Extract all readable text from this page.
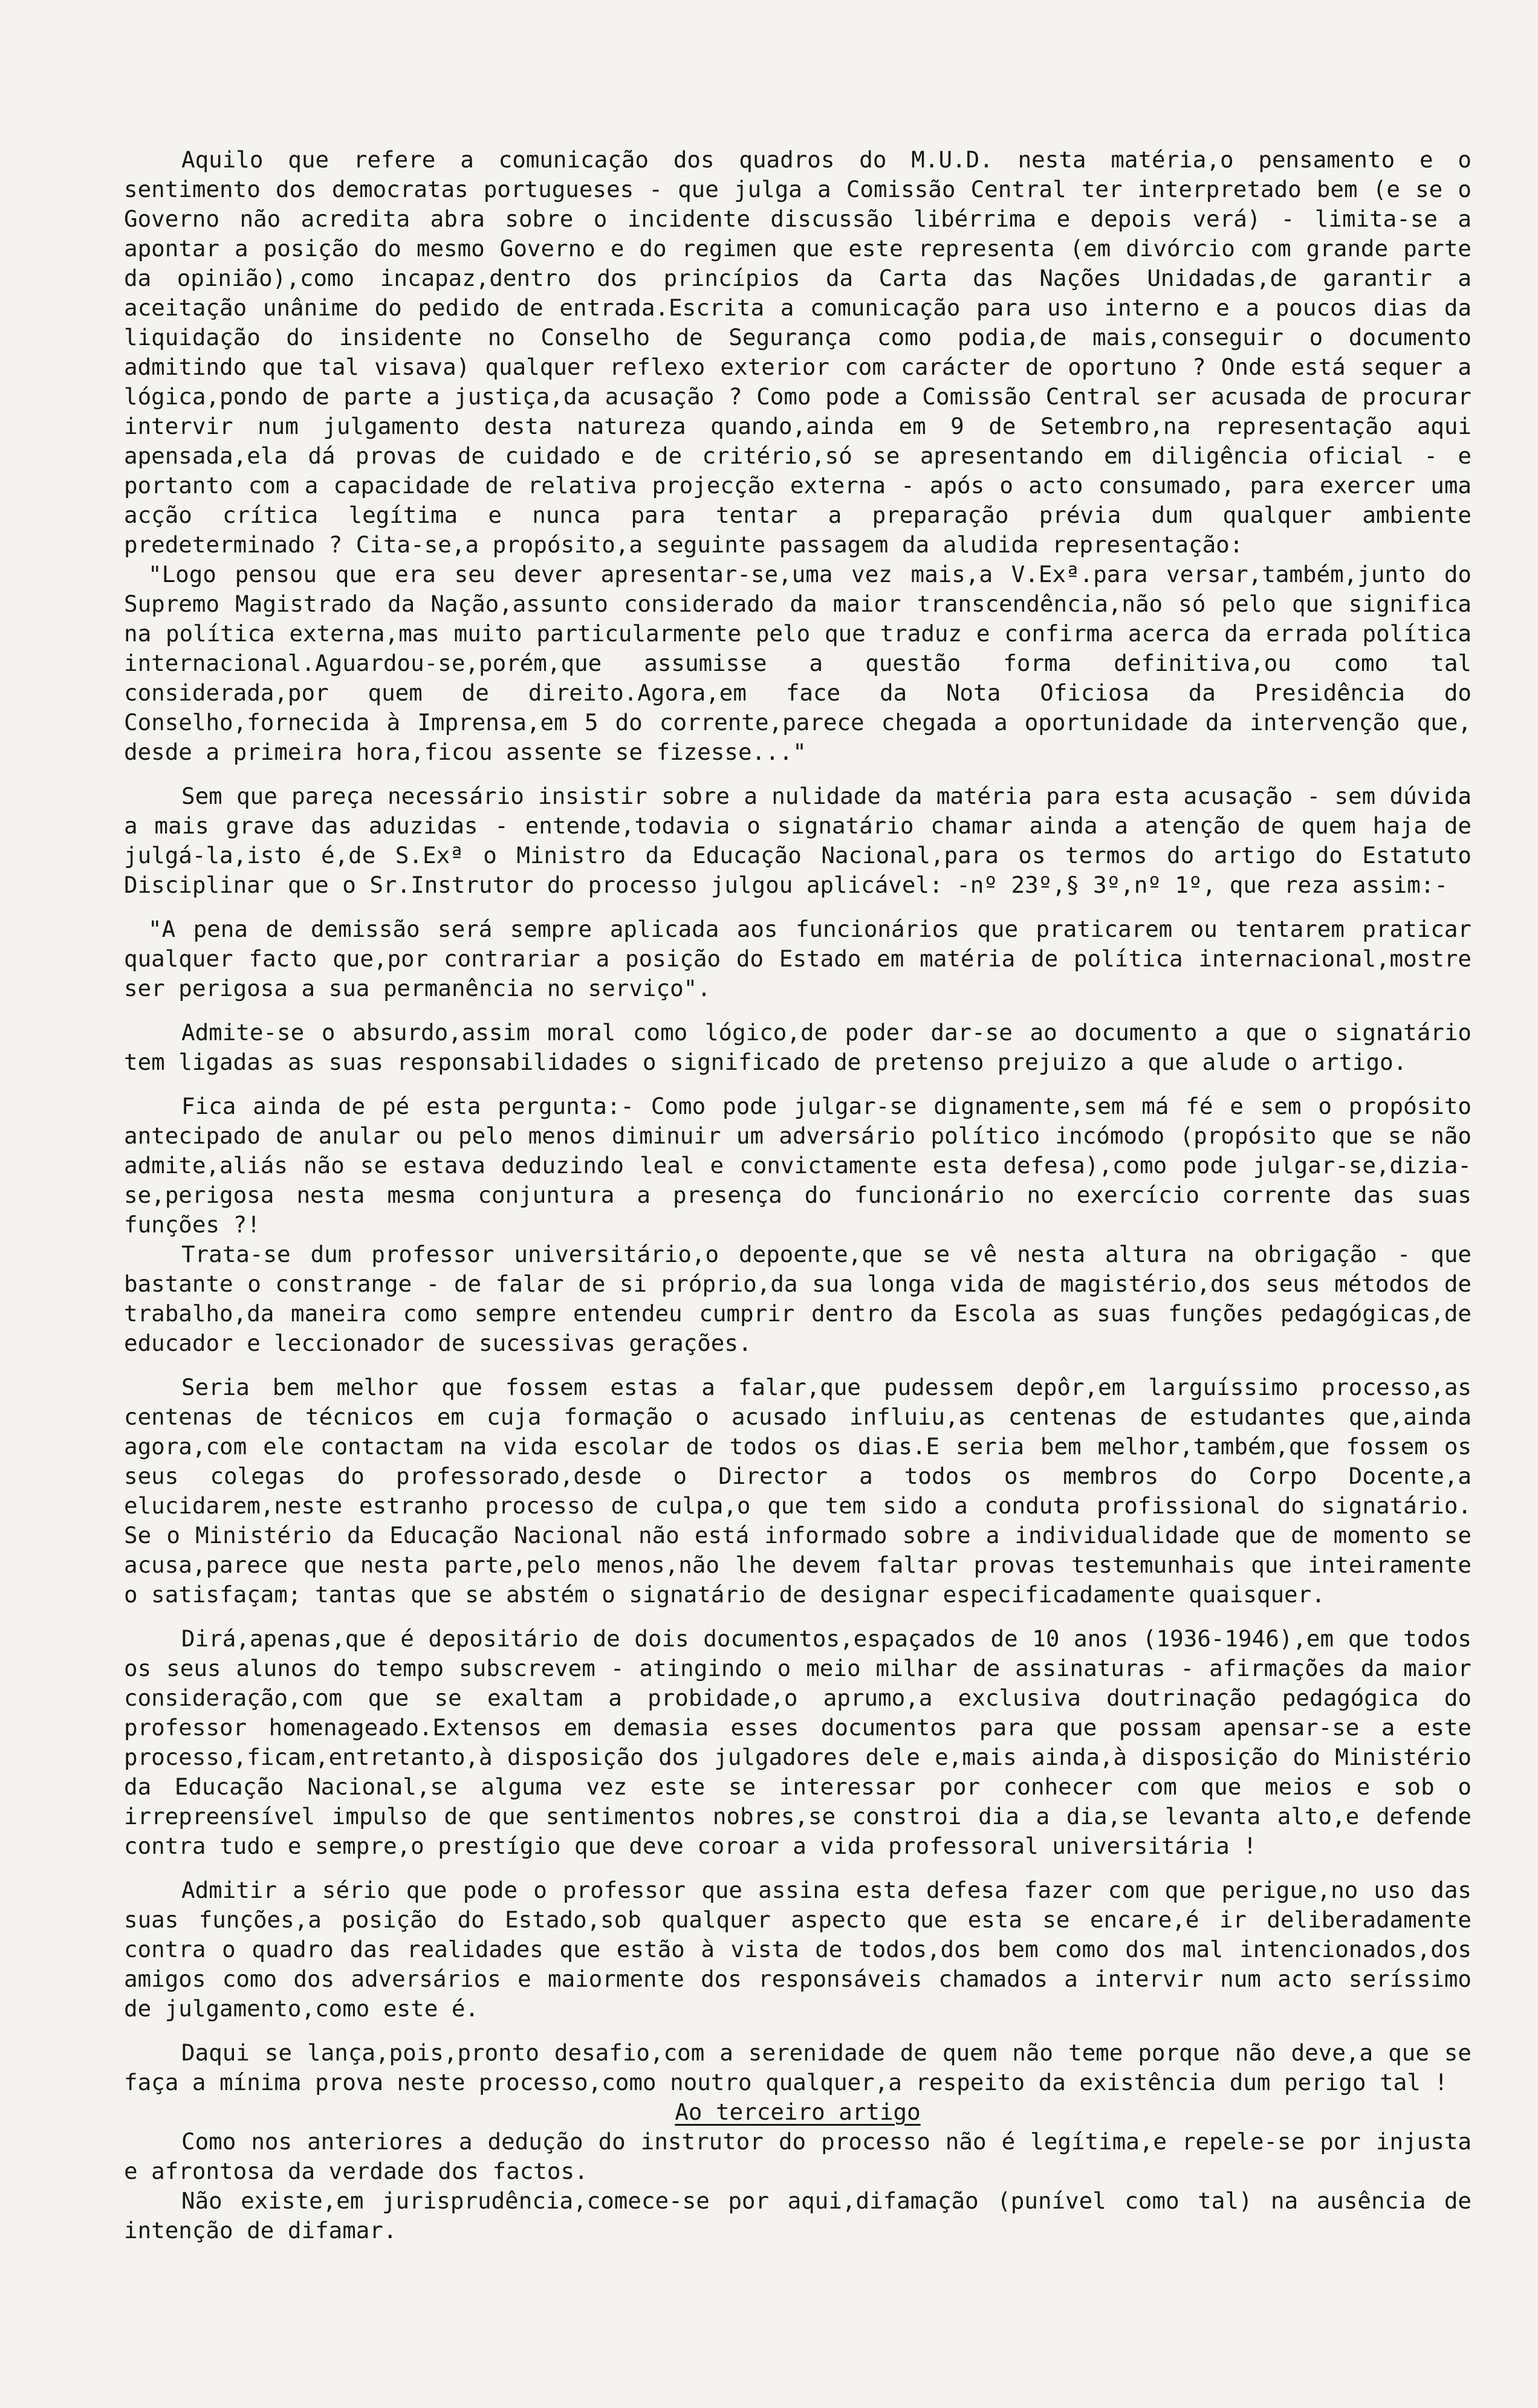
Aquilo que refere a comunicação dos quadros do M.U.D. nesta matéria,o pensamento e o sentimento dos democratas portugueses - que julga a Comissão Central ter interpretado bem (e se o Governo não acredita abra sobre o incidente discussão libérrima e depois verá) - limita-se a apontar a posição do mesmo Governo e do regimen que este representa (em divórcio com grande parte da opinião),como incapaz,dentro dos princípios da Carta das Nações Unidadas,de garantir a aceitação unânime do pedido de entrada.Escrita a comunicação para uso interno e a poucos dias da liquidação do insidente no Conselho de Segurança como podia,de mais,conseguir o documento admitindo que tal visava) qualquer reflexo exterior com carácter de oportuno ? Onde está sequer a lógica,pondo de parte a justiça,da acusação ? Como pode a Comissão Central ser acusada de procurar intervir num julgamento desta natureza quando,ainda em 9 de Setembro,na representação aqui apensada,ela dá provas de cuidado e de critério,só se apresentando em diligência oficial - e portanto com a capacidade de relativa projecção externa - após o acto consumado, para exercer uma acção crítica legítima e nunca para tentar a preparação prévia dum qualquer ambiente predeterminado ? Cita-se,a propósito,a seguinte passagem da aludida representação:

"Logo pensou que era seu dever apresentar-se,uma vez mais,a V.Exª.para versar,também,junto do Supremo Magistrado da Nação,assunto considerado da maior transcendência,não só pelo que significa na política externa,mas muito particularmente pelo que traduz e confirma acerca da errada política internacional.Aguardou-se,porém,que assumisse a questão forma definitiva,ou como tal considerada,por quem de direito.Agora,em face da Nota Oficiosa da Presidência do Conselho,fornecida à Imprensa,em 5 do corrente,parece chegada a oportunidade da intervenção que, desde a primeira hora,ficou assente se fizesse..."

Sem que pareça necessário insistir sobre a nulidade da matéria para esta acusação - sem dúvida a mais grave das aduzidas - entende,todavia o signatário chamar ainda a atenção de quem haja de julgá-la,isto é,de S.Exª o Ministro da Educação Nacional,para os termos do artigo do Estatuto Disciplinar que o Sr.Instrutor do processo julgou aplicável: -nº 23º,§ 3º,nº 1º, que reza assim:-

"A pena de demissão será sempre aplicada aos funcionários que praticarem ou tentarem praticar qualquer facto que,por contrariar a posição do Estado em matéria de política internacional,mostre ser perigosa a sua permanência no serviço".

Admite-se o absurdo,assim moral como lógico,de poder dar-se ao documento a que o signatário tem ligadas as suas responsabilidades o significado de pretenso prejuizo a que alude o artigo.

Fica ainda de pé esta pergunta:- Como pode julgar-se dignamente,sem má fé e sem o propósito antecipado de anular ou pelo menos diminuir um adversário político incómodo (propósito que se não admite,aliás não se estava deduzindo leal e convictamente esta defesa),como pode julgar-se,dizia-se,perigosa nesta mesma conjuntura a presença do funcionário no exercício corrente das suas funções ?!

Trata-se dum professor universitário,o depoente,que se vê nesta altura na obrigação - que bastante o constrange - de falar de si próprio,da sua longa vida de magistério,dos seus métodos de trabalho,da maneira como sempre entendeu cumprir dentro da Escola as suas funções pedagógicas,de educador e leccionador de sucessivas gerações.

Seria bem melhor que fossem estas a falar,que pudessem depôr,em larguíssimo processo,as centenas de técnicos em cuja formação o acusado influiu,as centenas de estudantes que,ainda agora,com ele contactam na vida escolar de todos os dias.E seria bem melhor,também,que fossem os seus colegas do professorado,desde o Director a todos os membros do Corpo Docente,a elucidarem,neste estranho processo de culpa,o que tem sido a conduta profissional do signatário. Se o Ministério da Educação Nacional não está informado sobre a individualidade que de momento se acusa,parece que nesta parte,pelo menos,não lhe devem faltar provas testemunhais que inteiramente o satisfaçam; tantas que se abstém o signatário de designar especificadamente quaisquer.

Dirá,apenas,que é depositário de dois documentos,espaçados de 10 anos (1936-1946),em que todos os seus alunos do tempo subscrevem - atingindo o meio milhar de assinaturas - afirmações da maior consideração,com que se exaltam a probidade,o aprumo,a exclusiva doutrinação pedagógica do professor homenageado.Extensos em demasia esses documentos para que possam apensar-se a este processo,ficam,entretanto,à disposição dos julgadores dele e,mais ainda,à disposição do Ministério da Educação Nacional,se alguma vez este se interessar por conhecer com que meios e sob o irrepreensível impulso de que sentimentos nobres,se constroi dia a dia,se levanta alto,e defende contra tudo e sempre,o prestígio que deve coroar a vida professoral universitária !

Admitir a sério que pode o professor que assina esta defesa fazer com que perigue,no uso das suas funções,a posição do Estado,sob qualquer aspecto que esta se encare,é ir deliberadamente contra o quadro das realidades que estão à vista de todos,dos bem como dos mal intencionados,dos amigos como dos adversários e maiormente dos responsáveis chamados a intervir num acto seríssimo de julgamento,como este é.

Daqui se lança,pois,pronto desafio,com a serenidade de quem não teme porque não deve,a que se faça a mínima prova neste processo,como noutro qualquer,a respeito da existência dum perigo tal !

Ao terceiro artigo

Como nos anteriores a dedução do instrutor do processo não é legítima,e repele-se por injusta e afrontosa da verdade dos factos.

Não existe,em jurisprudência,comece-se por aqui,difamação (punível como tal) na ausência de intenção de difamar.
